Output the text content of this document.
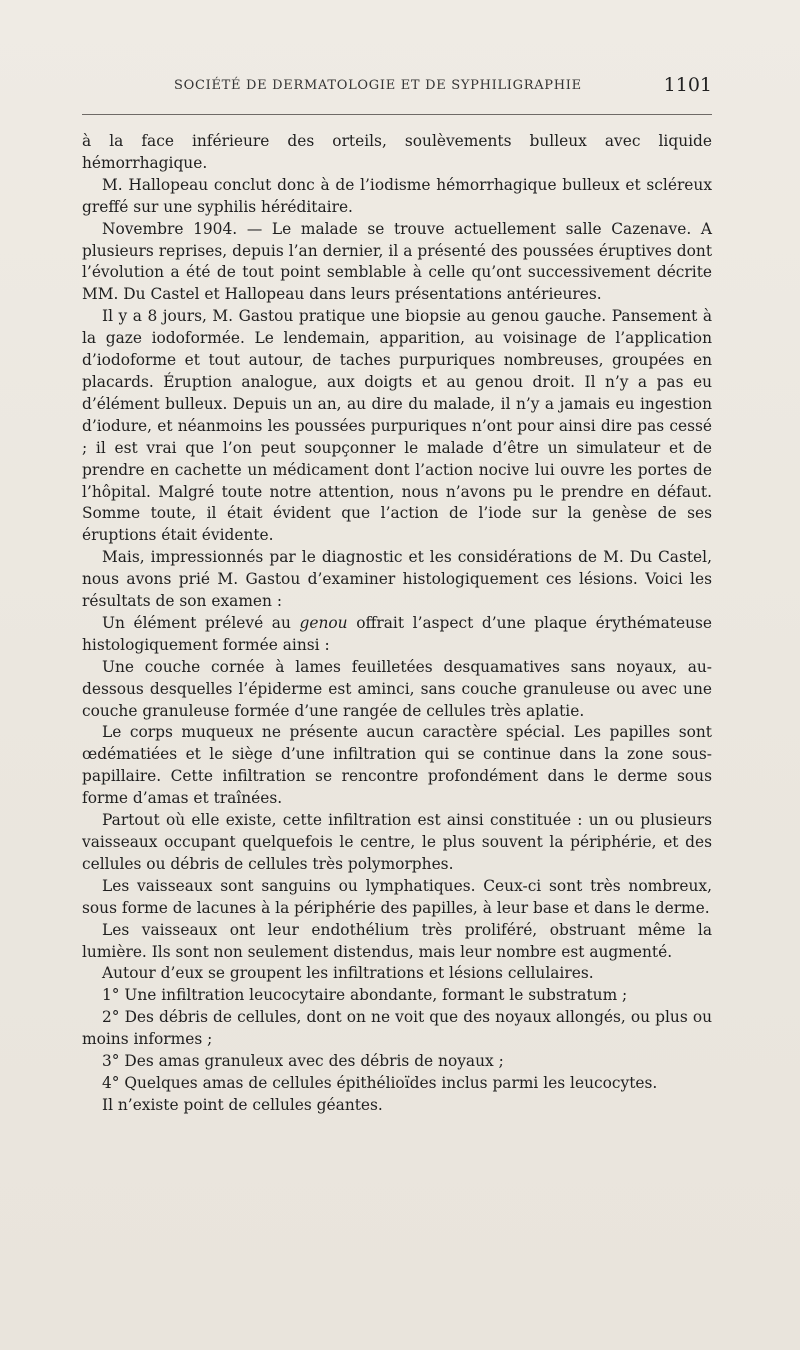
SOCIÉTÉ DE DERMATOLOGIE ET DE SYPHILIGRAPHIE	1101

à la face inférieure des orteils, soulèvements bulleux avec liquide hémorrhagique.

M. Hallopeau conclut donc à de l’iodisme hémorrhagique bulleux et scléreux greffé sur une syphilis héréditaire.

Novembre 1904. — Le malade se trouve actuellement salle Cazenave. A plusieurs reprises, depuis l’an dernier, il a présenté des poussées éruptives dont l’évolution a été de tout point semblable à celle qu’ont successivement décrite MM. Du Castel et Hallopeau dans leurs présentations antérieures.

Il y a 8 jours, M. Gastou pratique une biopsie au genou gauche. Pansement à la gaze iodoformée. Le lendemain, apparition, au voisinage de l’application d’iodoforme et tout autour, de taches purpuriques nombreuses, groupées en placards. Éruption analogue, aux doigts et au genou droit. Il n’y a pas eu d’élément bulleux. Depuis un an, au dire du malade, il n’y a jamais eu ingestion d’iodure, et néanmoins les poussées purpuriques n’ont pour ainsi dire pas cessé ; il est vrai que l’on peut soupçonner le malade d’être un simulateur et de prendre en cachette un médicament dont l’action nocive lui ouvre les portes de l’hôpital. Malgré toute notre attention, nous n’avons pu le prendre en défaut. Somme toute, il était évident que l’action de l’iode sur la genèse de ses éruptions était évidente.

Mais, impressionnés par le diagnostic et les considérations de M. Du Castel, nous avons prié M. Gastou d’examiner histologiquement ces lésions. Voici les résultats de son examen :

Un élément prélevé au genou offrait l’aspect d’une plaque érythémateuse histologiquement formée ainsi :

Une couche cornée à lames feuilletées desquamatives sans noyaux, au-dessous desquelles l’épiderme est aminci, sans couche granuleuse ou avec une couche granuleuse formée d’une rangée de cellules très aplatie.

Le corps muqueux ne présente aucun caractère spécial. Les papilles sont œdématiées et le siège d’une infiltration qui se continue dans la zone sous-papillaire. Cette infiltration se rencontre profondément dans le derme sous forme d’amas et traînées.

Partout où elle existe, cette infiltration est ainsi constituée : un ou plusieurs vaisseaux occupant quelquefois le centre, le plus souvent la périphérie, et des cellules ou débris de cellules très polymorphes.

Les vaisseaux sont sanguins ou lymphatiques. Ceux-ci sont très nombreux, sous forme de lacunes à la périphérie des papilles, à leur base et dans le derme.

Les vaisseaux ont leur endothélium très proliféré, obstruant même la lumière. Ils sont non seulement distendus, mais leur nombre est augmenté.

Autour d’eux se groupent les infiltrations et lésions cellulaires.

1° Une infiltration leucocytaire abondante, formant le substratum ;

2° Des débris de cellules, dont on ne voit que des noyaux allongés, ou plus ou moins informes ;

3° Des amas granuleux avec des débris de noyaux ;

4° Quelques amas de cellules épithélioïdes inclus parmi les leucocytes.

Il n’existe point de cellules géantes.
